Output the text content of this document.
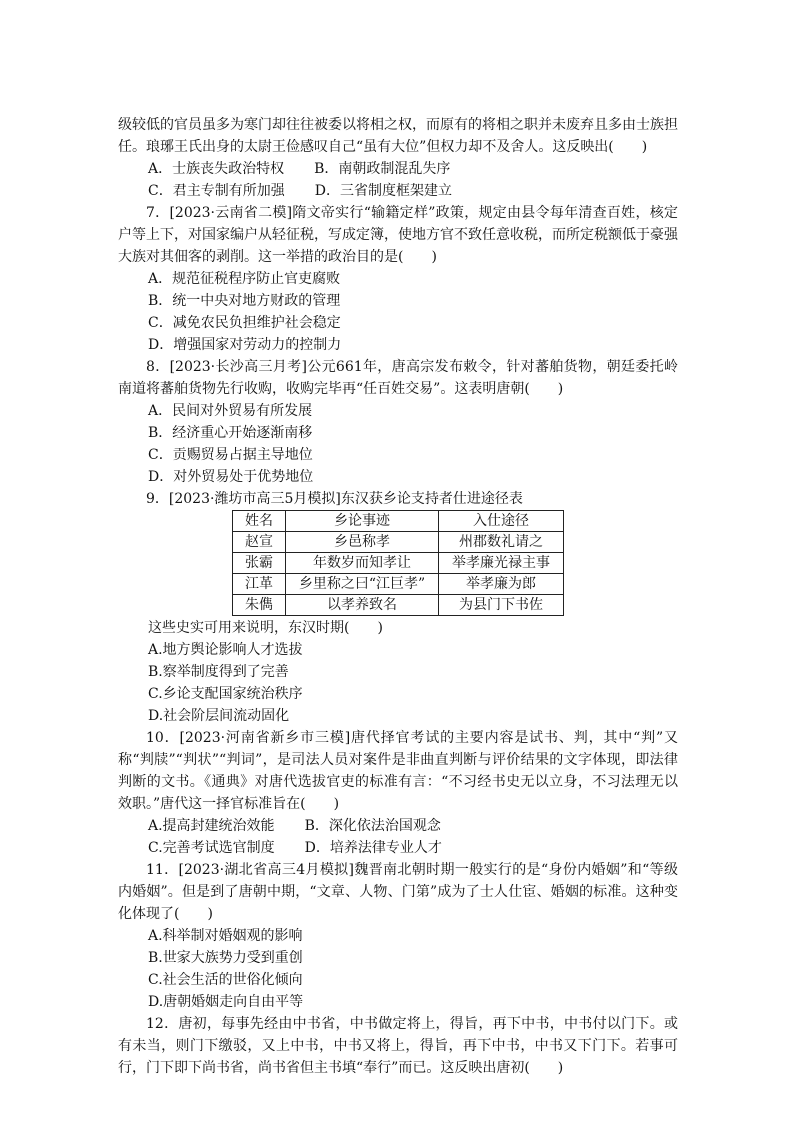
级较低的官员虽多为寒门却往往被委以将相之权，而原有的将相之职并未废弃且多由士族担任。琅琊王氏出身的太尉王俭感叹自己“虽有大位”但权力却不及舍人。这反映出(　　)

A．士族丧失政治特权 B．南朝政制混乱失序

C．君主专制有所加强 D．三省制度框架建立

7．[2023·云南省二模]隋文帝实行“输籍定样”政策，规定由县令每年清查百姓，核定户等上下，对国家编户从轻征税，写成定簿，使地方官不致任意收税，而所定税额低于豪强大族对其佃客的剥削。这一举措的政治目的是(　　)

A．规范征税程序防止官吏腐败

B．统一中央对地方财政的管理

C．减免农民负担维护社会稳定

D．增强国家对劳动力的控制力

8．[2023·长沙高三月考]公元661年，唐高宗发布敕令，针对蕃舶货物，朝廷委托岭南道将蕃舶货物先行收购，收购完毕再“任百姓交易”。这表明唐朝(　　)

A．民间对外贸易有所发展

B．经济重心开始逐渐南移

C．贡赐贸易占据主导地位

D．对外贸易处于优势地位

9．[2023·潍坊市高三5月模拟]东汉获乡论支持者仕进途径表

姓名	乡论事迹	入仕途径
赵宣	乡邑称孝	州郡数礼请之
张霸	年数岁而知孝让	举孝廉光禄主事
江革	乡里称之曰“江巨孝”	举孝廉为郎
朱儁	以孝养致名	为县门下书佐

这些史实可用来说明，东汉时期(　　)

A.地方舆论影响人才选拔

B.察举制度得到了完善

C.乡论支配国家统治秩序

D.社会阶层间流动固化

10．[2023·河南省新乡市三模]唐代择官考试的主要内容是试书、判，其中“判”又称“判牍”“判状”“判词”，是司法人员对案件是非曲直判断与评价结果的文字体现，即法律判断的文书。《通典》对唐代选拔官吏的标准有言：“不习经书史无以立身，不习法理无以效职。”唐代这一择官标准旨在(　　)

A.提高封建统治效能 B．深化依法治国观念

C.完善考试选官制度 D．培养法律专业人才

11．[2023·湖北省高三4月模拟]魏晋南北朝时期一般实行的是“身份内婚姻”和“等级内婚姻”。但是到了唐朝中期，“文章、人物、门第”成为了士人仕宦、婚姻的标准。这种变化体现了(　　)

A.科举制对婚姻观的影响

B.世家大族势力受到重创

C.社会生活的世俗化倾向

D.唐朝婚姻走向自由平等

12．唐初，每事先经由中书省，中书做定将上，得旨，再下中书，中书付以门下。或有未当，则门下缴驳，又上中书，中书又将上，得旨，再下中书，中书又下门下。若事可行，门下即下尚书省，尚书省但主书填“奉行”而已。这反映出唐初(　　)
